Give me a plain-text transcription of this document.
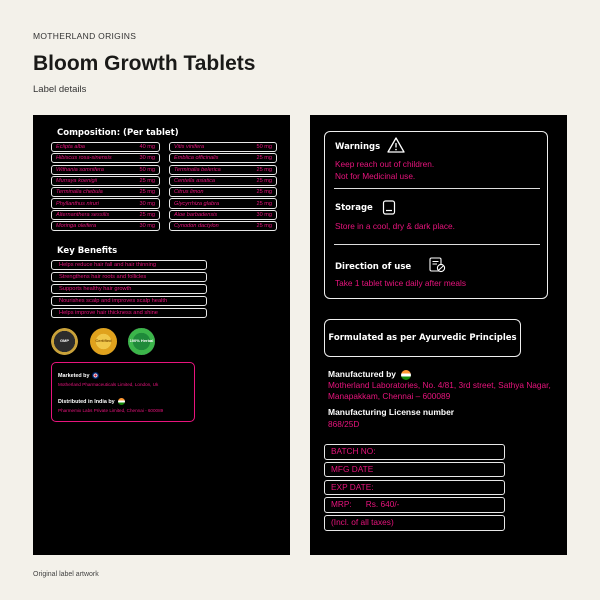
MOTHERLAND ORIGINS
Bloom Growth Tablets
Label details
Composition: (Per tablet)
Eclipta alba	40 mg
Hibiscus rosa-sinensis	30 mg
Withania somnifera	50 mg
Murraya koenigii	25 mg
Terminalia chebula	25 mg
Phyllanthus niruri	30 mg
Alternanthera sessilis	25 mg
Moringa oleifera	30 mg
Vitis vinifera	50 mg
Emblica officinalis	25 mg
Terminalia belerica	25 mg
Centella asiatica	25 mg
Citrus limon	25 mg
Glycyrrhiza glabra	25 mg
Aloe barbadensis	30 mg
Cynodon dactylon	25 mg
Key Benefits
Helps reduce hair fall and hair thinning
Strengthens hair roots and follicles
Supports healthy hair growth
Nourishes scalp and improves scalp health
Helps improve hair thickness and shine
GMP	Certified	100% Herbal
Marketed by
Motherland Pharmaceuticals Limited, London, Uk
Distributed in India by
Pharmemix Labs Private Limited, Chennai - 600089
Warnings
Keep reach out of children.
Not for Medicinal use.
Storage
Store in a cool, dry & dark place.
Direction of use
Take 1 tablet twice daily after meals
Formulated as per Ayurvedic Principles
Manufactured by
Motherland Laboratories, No. 4/81, 3rd street, Sathya Nagar, Manapakkam, Chennai – 600089
Manufacturing License number
868/25D
BATCH NO:
MFG DATE
EXP DATE:
MRP: Rs. 640/-
(Incl. of all taxes)
Original label artwork
